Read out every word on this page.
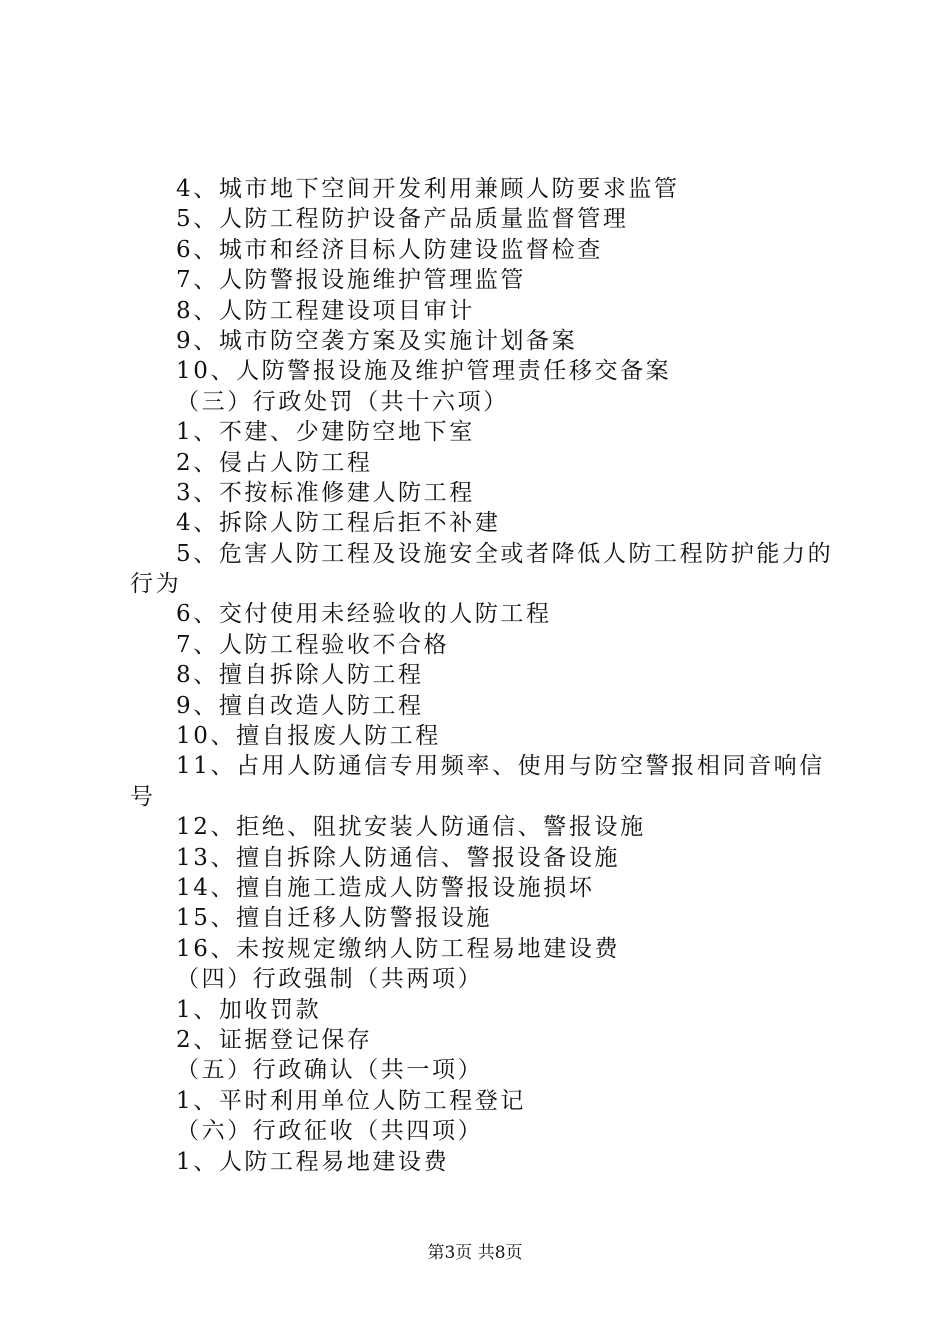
4、城市地下空间开发利用兼顾人防要求监管
5、人防工程防护设备产品质量监督管理
6、城市和经济目标人防建设监督检查
7、人防警报设施维护管理监管
8、人防工程建设项目审计
9、城市防空袭方案及实施计划备案
10、人防警报设施及维护管理责任移交备案
（三）行政处罚（共十六项）
1、不建、少建防空地下室
2、侵占人防工程
3、不按标准修建人防工程
4、拆除人防工程后拒不补建
5、危害人防工程及设施安全或者降低人防工程防护能力的
行为
6、交付使用未经验收的人防工程
7、人防工程验收不合格
8、擅自拆除人防工程
9、擅自改造人防工程
10、擅自报废人防工程
11、占用人防通信专用频率、使用与防空警报相同音响信
号
12、拒绝、阻扰安装人防通信、警报设施
13、擅自拆除人防通信、警报设备设施
14、擅自施工造成人防警报设施损坏
15、擅自迁移人防警报设施
16、未按规定缴纳人防工程易地建设费
（四）行政强制（共两项）
1、加收罚款
2、证据登记保存
（五）行政确认（共一项）
1、平时利用单位人防工程登记
（六）行政征收（共四项）
1、人防工程易地建设费
第3页 共8页
